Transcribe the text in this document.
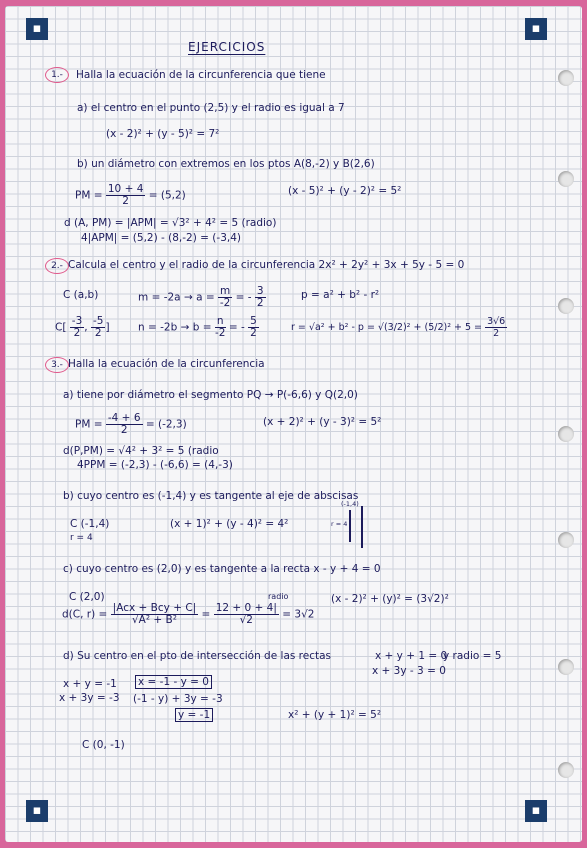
▪	▪
▪	▪
EJERCICIOS
1.-	Halla la ecuación de la circunferencia que tiene
a) el centro en el punto (2,5) y el radio es igual a 7
(x - 2)² + (y - 5)² = 7²
b) un diámetro con extremos en los ptos A(8,-2) y B(2,6)
PM = $\frac{10 + 4}{2} = (5,2)$	(x - 5)² + (y - 2)² = 5²
d (A, PM) = |APM| = √3² + 4² = 5 (radio)
4|APM| = (5,2) - (8,-2) = (-3,4)
2.- Calcula el centro y el radio de la circunferencia 2x² + 2y² + 3x + 5y - 5 = 0
C (a,b)	$m = -2a \to a = \frac{m}{-2}$ = - $\frac{3}{2}$	p = a² + b² - r²
$C[ \frac{-3}{2}$ , $\frac{-5}{2}$ ]	$n = -2b \to b = \frac{n}{-2}$ = - $\frac{5}{2}$	$r = √a^2 + b^2 - p = √(3/2)^2 + (5/2)^2 + 5 = \frac{3√6}{2}$
3.- Halla la ecuación de la circunferencia
a) tiene por diámetro el segmento PQ → P(-6,6) y Q(2,0)
PM = $\frac{-4 + 6}{2} = (-2,3)$	(x + 2)² + (y - 3)² = 5²
d(P,PM) = √4² + 3² = 5 (radio
4PPM = (-2,3) - (-6,6) = (4,-3)
b) cuyo centro es (-1,4) y es tangente al eje de abscisas
C (-1,4)	(x + 1)² + (y - 4)² = 4²
r = 4
(-1,4)
r = 4
c) cuyo centro es (2,0) y es tangente a la recta x - y + 4 = 0
C (2,0)	radio	(x - 2)² + (y)² = (3√2)²
d(C, $r) = \frac{\text{|Acx + Bcy + C|}}{\text{√A² + B²}} = \frac{12 + 0 + 4|}{√2} = 3√2$
d) Su centro en el pto de intersección de las rectas	x + y + 1 = 0
y radio = 5
x + 3y - 3 = 0
x + y = -1
x + 3y = -3
x = -1 - y = 0
(-1 - y) + 3y = -3
y = -1	x² + (y + 1)² = 5²
C (0, -1)
